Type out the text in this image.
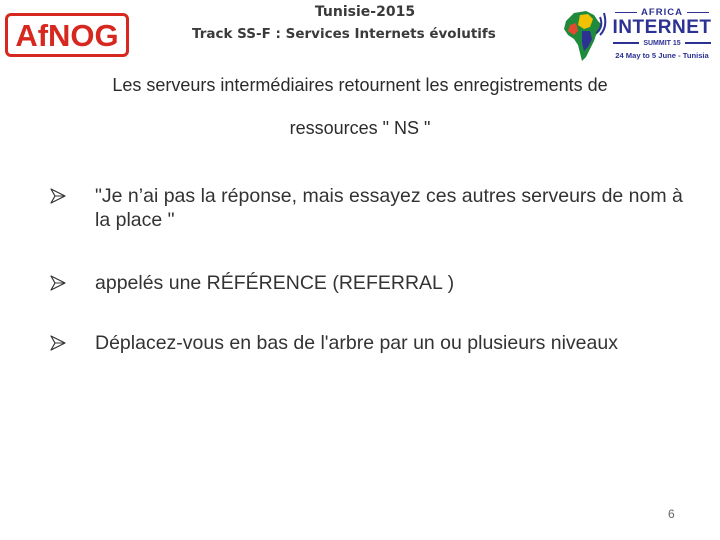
AfNOG
Tunisie-2015
Track SS-F : Services Internets évolutifs
AFRICA
INTERNET
SUMMIT 15
24 May to 5 June - Tunisia
Les serveurs intermédiaires retournent les enregistrements de
ressources " NS "
"Je n’ai pas la réponse, mais essayez ces autres serveurs de nom à la place "
appelés une RÉFÉRENCE (REFERRAL )
Déplacez-vous en bas de l'arbre par un ou plusieurs niveaux
6
